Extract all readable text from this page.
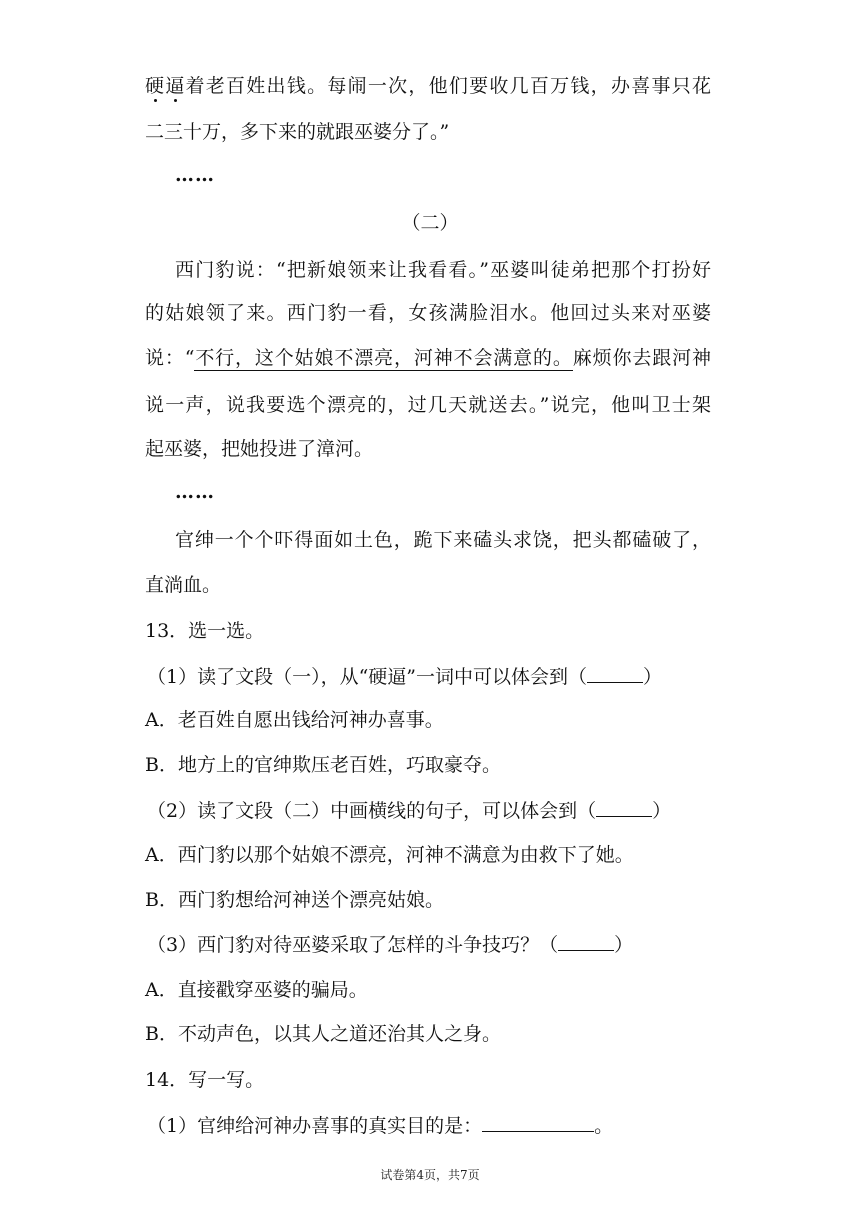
硬逼着老百姓出钱。每闹一次，他们要收几百万钱，办喜事只花
二三十万，多下来的就跟巫婆分了。”
……
（二）
西门豹说：“把新娘领来让我看看。”巫婆叫徒弟把那个打扮好
的姑娘领了来。西门豹一看，女孩满脸泪水。他回过头来对巫婆
说：“不行，这个姑娘不漂亮，河神不会满意的。麻烦你去跟河神
说一声，说我要选个漂亮的，过几天就送去。”说完，他叫卫士架
起巫婆，把她投进了漳河。
……
官绅一个个吓得面如土色，跪下来磕头求饶，把头都磕破了，
直淌血。
13．选一选。
（1）读了文段（一），从“硬逼”一词中可以体会到（	）
A．老百姓自愿出钱给河神办喜事。
B．地方上的官绅欺压老百姓，巧取豪夺。
（2）读了文段（二）中画横线的句子，可以体会到（	）
A．西门豹以那个姑娘不漂亮，河神不满意为由救下了她。
B．西门豹想给河神送个漂亮姑娘。
（3）西门豹对待巫婆采取了怎样的斗争技巧？（	）
A．直接戳穿巫婆的骗局。
B．不动声色，以其人之道还治其人之身。
14．写一写。
（1）官绅给河神办喜事的真实目的是：	。
试卷第4页，共7页
